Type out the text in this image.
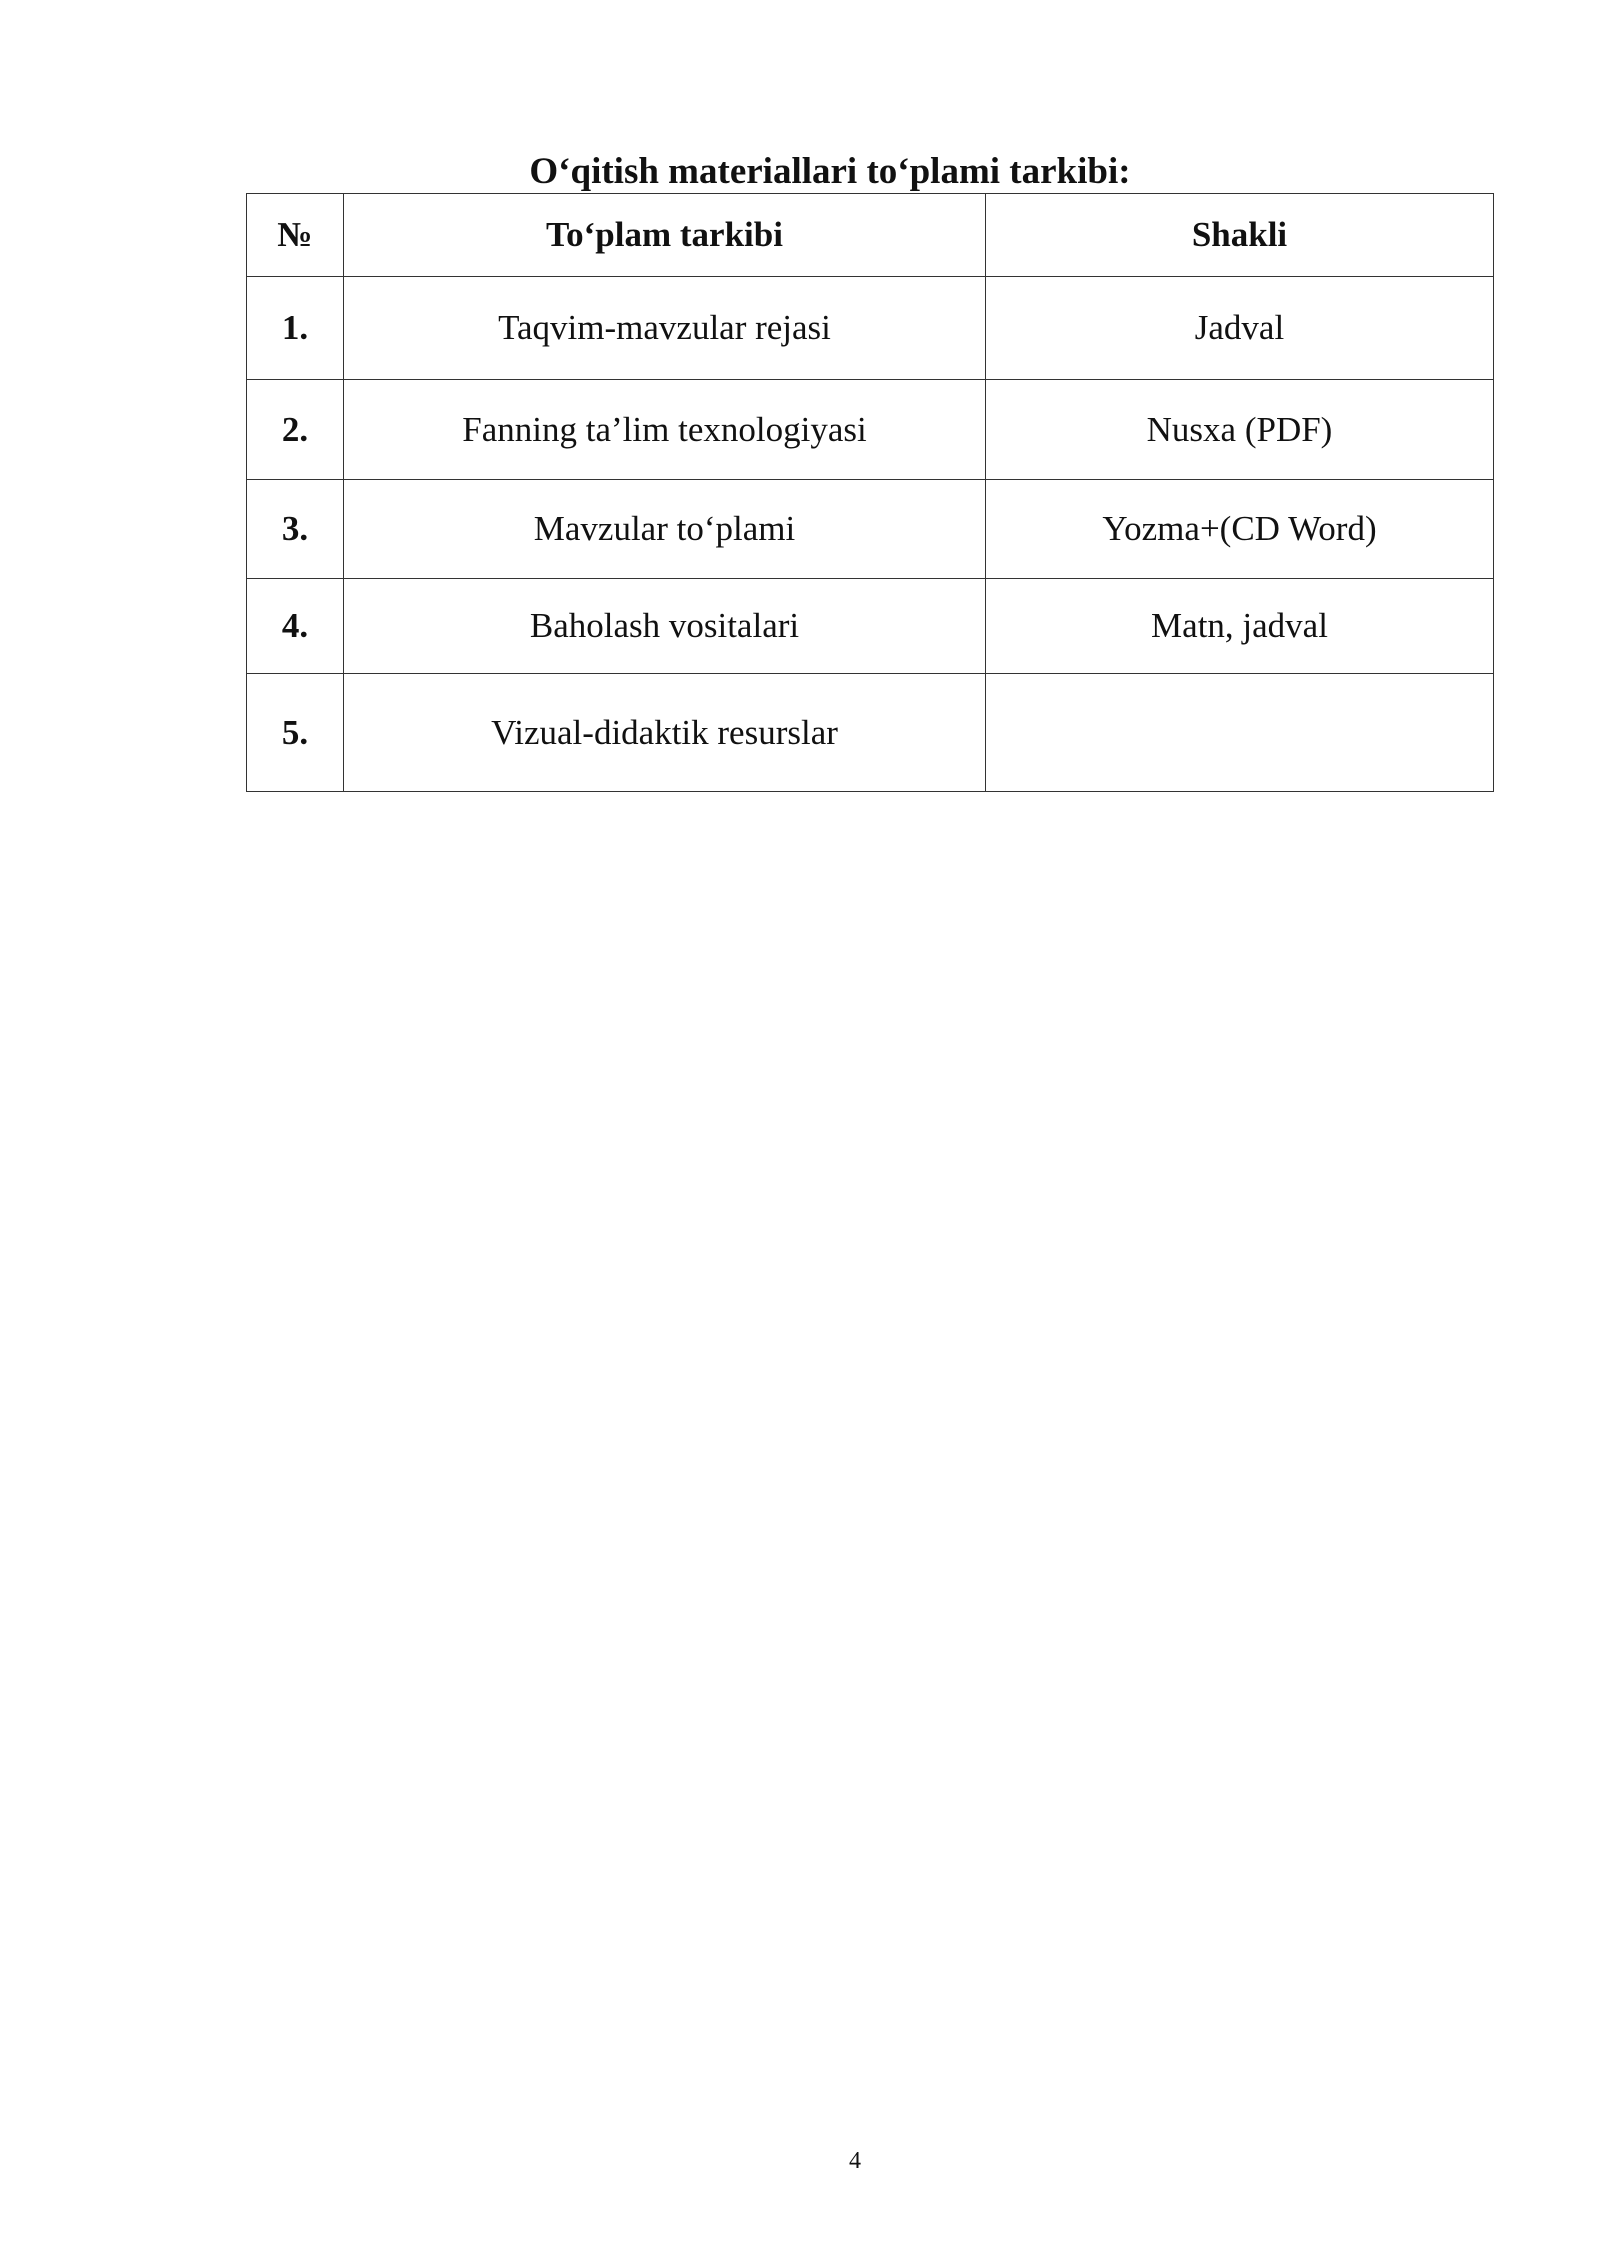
O‘qitish materiallari to‘plami tarkibi:
№	To‘plam tarkibi	Shakli
1.	Taqvim-mavzular rejasi	Jadval
2.	Fanning ta’lim texnologiyasi	Nusxa (PDF)
3.	Mavzular to‘plami	Yozma+(CD Word)
4.	Baholash vositalari	Matn, jadval
5.	Vizual-didaktik resurslar	
4
